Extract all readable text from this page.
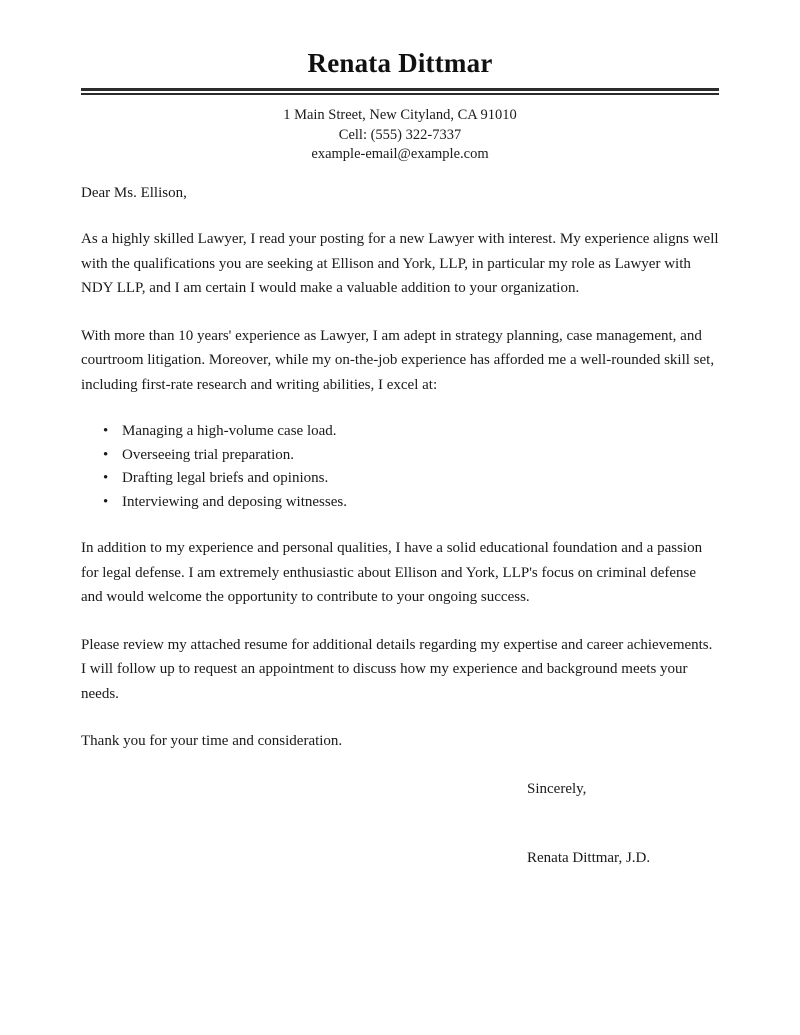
Renata Dittmar
1 Main Street, New Cityland, CA 91010
Cell: (555) 322-7337
example-email@example.com

Dear Ms. Ellison,

As a highly skilled Lawyer, I read your posting for a new Lawyer with interest. My experience aligns well with the qualifications you are seeking at Ellison and York, LLP, in particular my role as Lawyer with NDY LLP, and I am certain I would make a valuable addition to your organization.

With more than 10 years' experience as Lawyer, I am adept in strategy planning, case management, and courtroom litigation. Moreover, while my on-the-job experience has afforded me a well-rounded skill set, including first-rate research and writing abilities, I excel at:

• Managing a high-volume case load.
• Overseeing trial preparation.
• Drafting legal briefs and opinions.
• Interviewing and deposing witnesses.

In addition to my experience and personal qualities, I have a solid educational foundation and a passion for legal defense. I am extremely enthusiastic about Ellison and York, LLP's focus on criminal defense and would welcome the opportunity to contribute to your ongoing success.

Please review my attached resume for additional details regarding my expertise and career achievements. I will follow up to request an appointment to discuss how my experience and background meets your needs.

Thank you for your time and consideration.

Sincerely,

Renata Dittmar, J.D.
